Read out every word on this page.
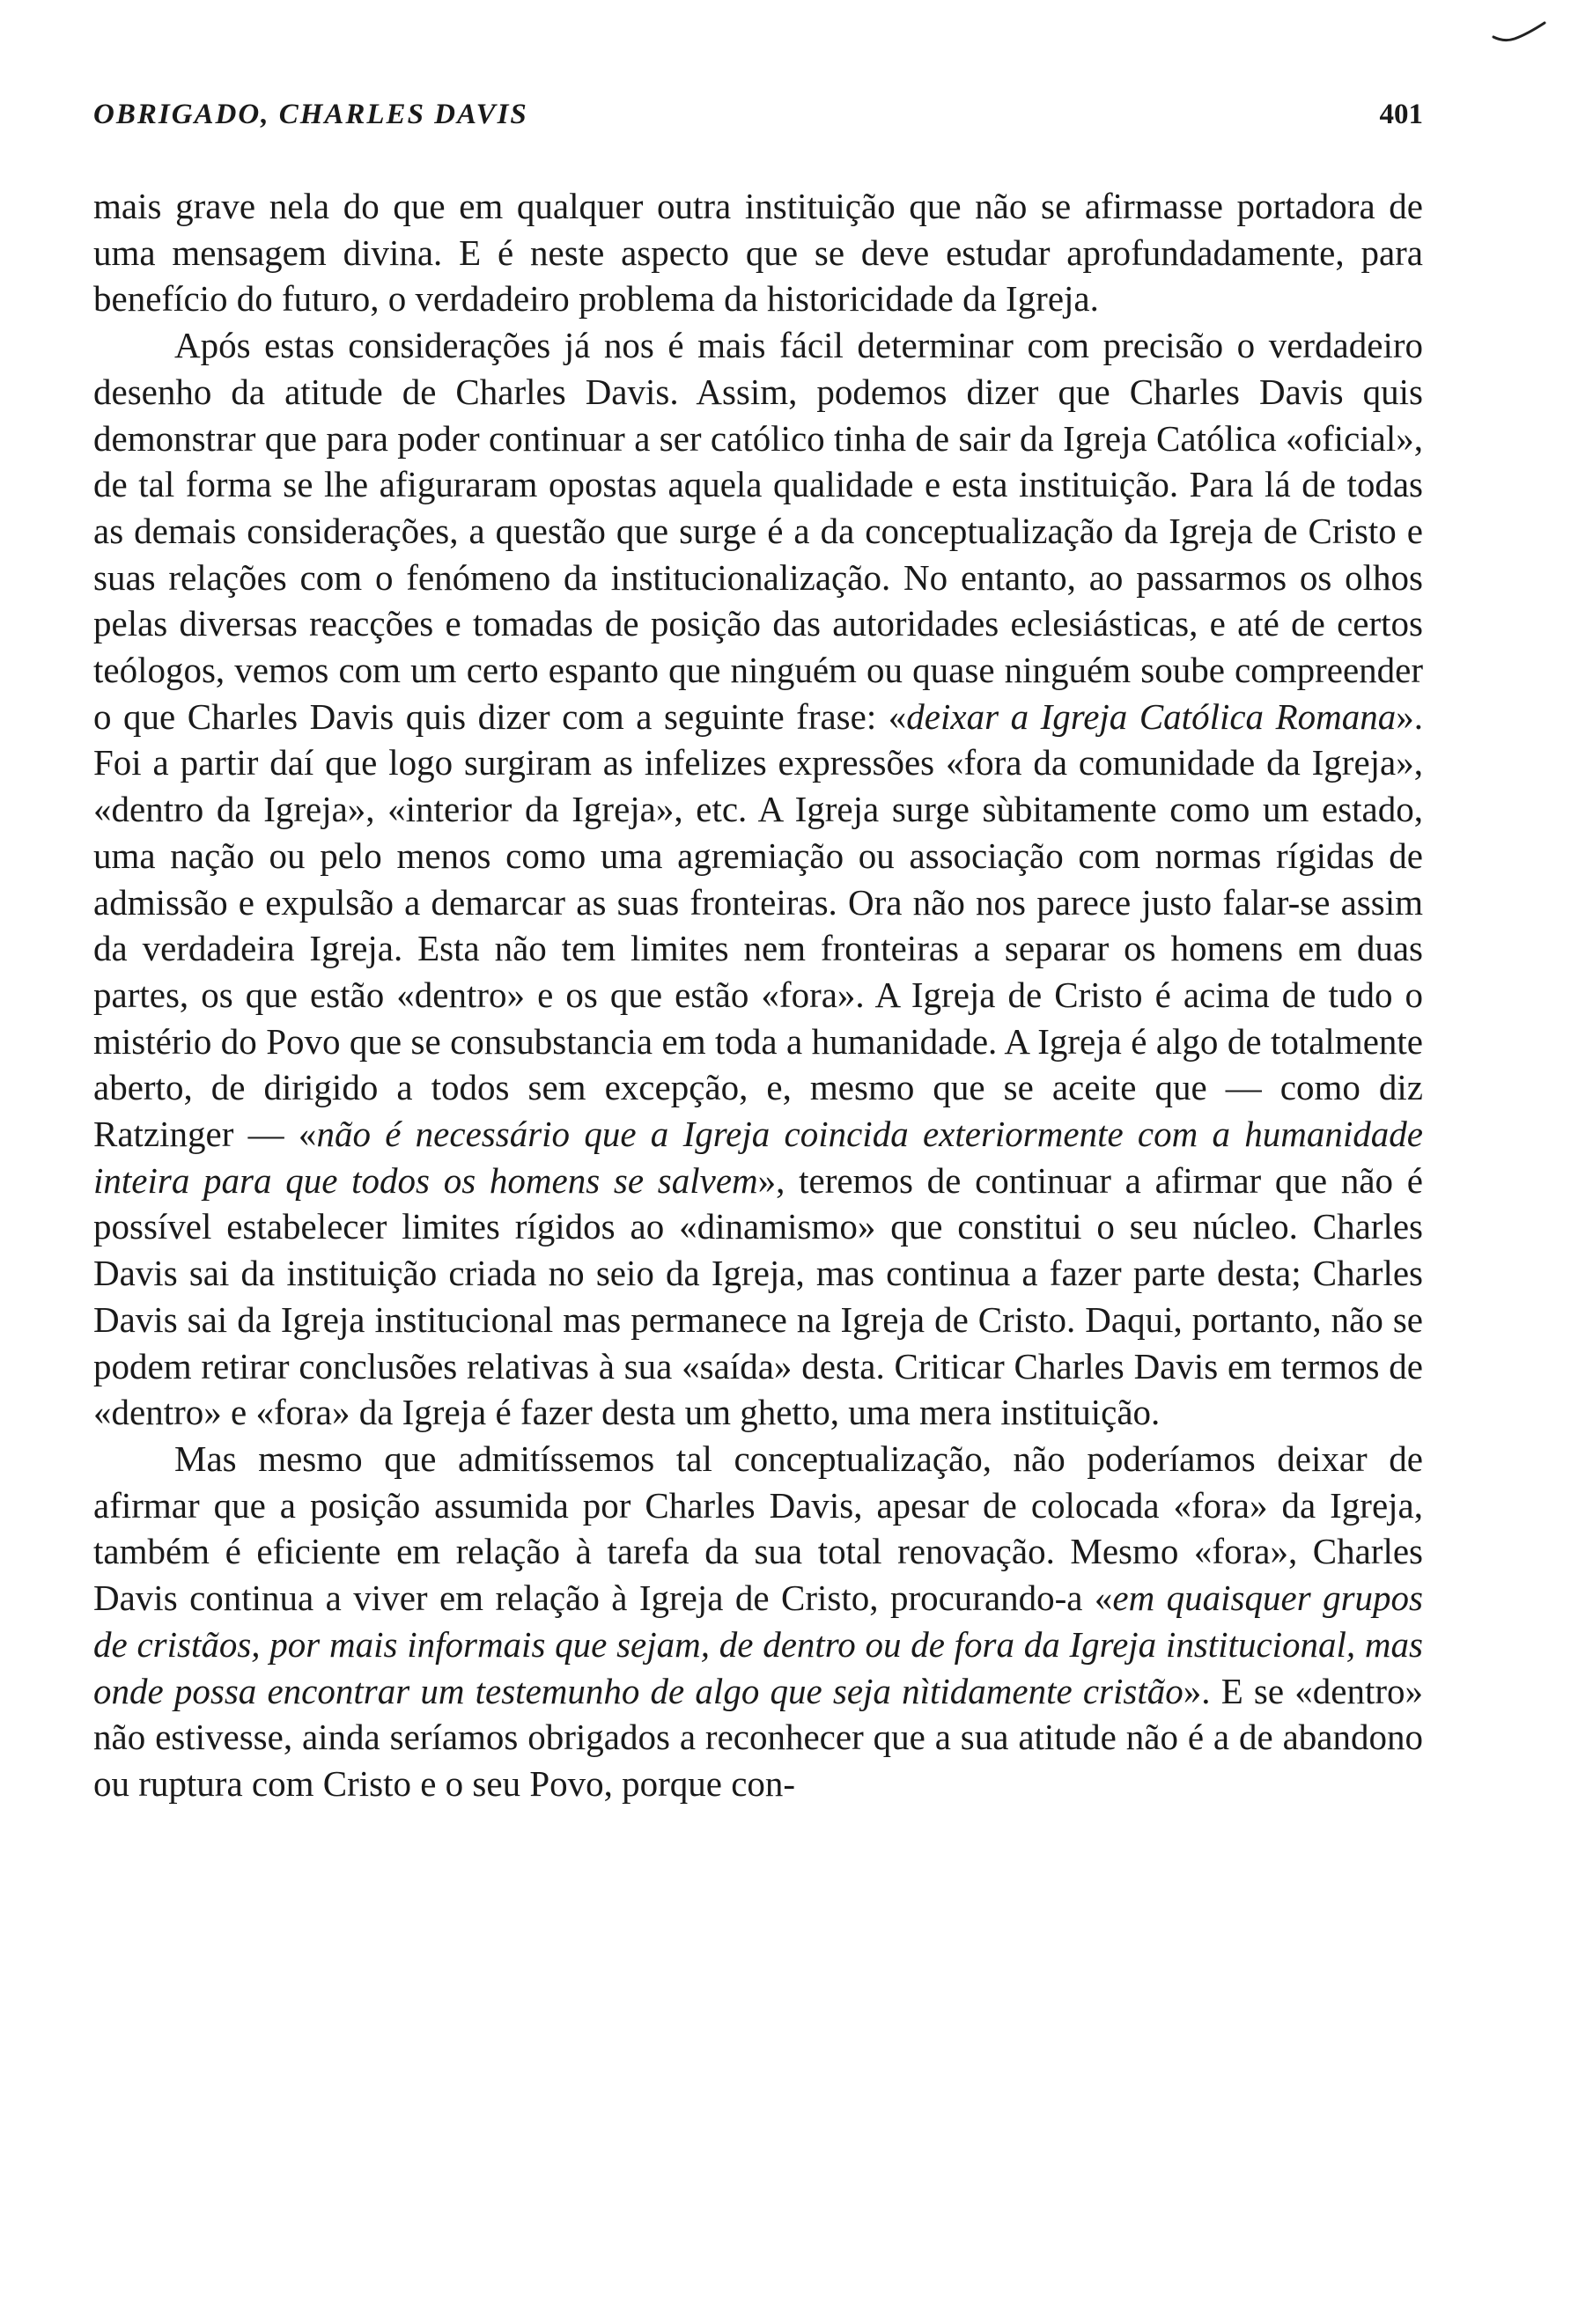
OBRIGADO, CHARLES DAVIS	401

mais grave nela do que em qualquer outra instituição que não se afirmasse portadora de uma mensagem divina. E é neste aspecto que se deve estudar aprofundadamente, para benefício do futuro, o verdadeiro problema da historicidade da Igreja.

Após estas considerações já nos é mais fácil determinar com precisão o verdadeiro desenho da atitude de Charles Davis. Assim, podemos dizer que Charles Davis quis demonstrar que para poder continuar a ser católico tinha de sair da Igreja Católica «oficial», de tal forma se lhe afiguraram opostas aquela qualidade e esta instituição. Para lá de todas as demais considerações, a questão que surge é a da conceptualização da Igreja de Cristo e suas relações com o fenómeno da institucionalização. No entanto, ao passarmos os olhos pelas diversas reacções e tomadas de posição das autoridades eclesiásticas, e até de certos teólogos, vemos com um certo espanto que ninguém ou quase ninguém soube compreender o que Charles Davis quis dizer com a seguinte frase: «deixar a Igreja Católica Romana». Foi a partir daí que logo surgiram as infelizes expressões «fora da comunidade da Igreja», «dentro da Igreja», «interior da Igreja», etc. A Igreja surge sùbitamente como um estado, uma nação ou pelo menos como uma agremiação ou associação com normas rígidas de admissão e expulsão a demarcar as suas fronteiras. Ora não nos parece justo falar-se assim da verdadeira Igreja. Esta não tem limites nem fronteiras a separar os homens em duas partes, os que estão «dentro» e os que estão «fora». A Igreja de Cristo é acima de tudo o mistério do Povo que se consubstancia em toda a humanidade. A Igreja é algo de totalmente aberto, de dirigido a todos sem excepção, e, mesmo que se aceite que — como diz Ratzinger — «não é necessário que a Igreja coincida exteriormente com a humanidade inteira para que todos os homens se salvem», teremos de continuar a afirmar que não é possível estabelecer limites rígidos ao «dinamismo» que constitui o seu núcleo. Charles Davis sai da instituição criada no seio da Igreja, mas continua a fazer parte desta; Charles Davis sai da Igreja institucional mas permanece na Igreja de Cristo. Daqui, portanto, não se podem retirar conclusões relativas à sua «saída» desta. Criticar Charles Davis em termos de «dentro» e «fora» da Igreja é fazer desta um ghetto, uma mera instituição.

Mas mesmo que admitíssemos tal conceptualização, não poderíamos deixar de afirmar que a posição assumida por Charles Davis, apesar de colocada «fora» da Igreja, também é eficiente em relação à tarefa da sua total renovação. Mesmo «fora», Charles Davis continua a viver em relação à Igreja de Cristo, procurando-a «em quaisquer grupos de cristãos, por mais informais que sejam, de dentro ou de fora da Igreja institucional, mas onde possa encontrar um testemunho de algo que seja nìtidamente cristão». E se «dentro» não estivesse, ainda seríamos obrigados a reconhecer que a sua atitude não é a de abandono ou ruptura com Cristo e o seu Povo, porque con-
